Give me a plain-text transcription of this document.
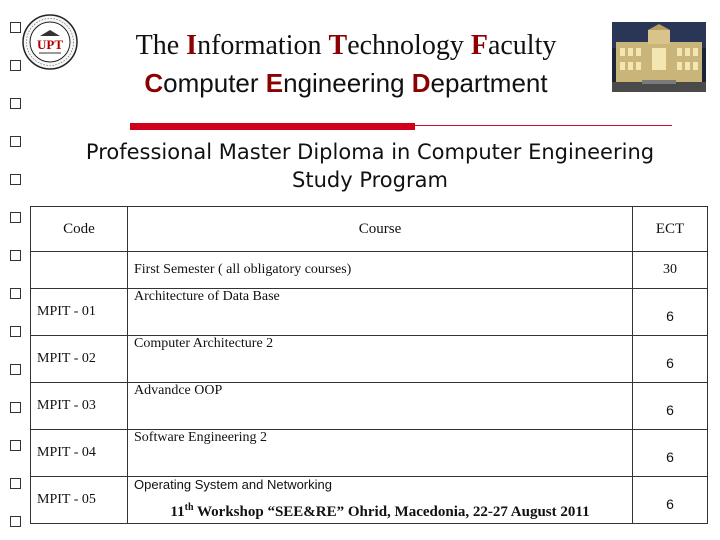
UPT	The Information Technology Faculty
Computer Engineering Department
Professional Master Diploma in Computer Engineering
Study Program
Code	Course	ECT
	First Semester ( all obligatory courses)	30
MPIT - 01	Architecture of Data Base	6
MPIT - 02	Computer Architecture 2	6
MPIT - 03	Advandce OOP	6
MPIT - 04	Software Engineering 2	6
MPIT - 05	Operating System and Networking	6
11th Workshop “SEE&RE” Ohrid, Macedonia, 22-27 August 2011
